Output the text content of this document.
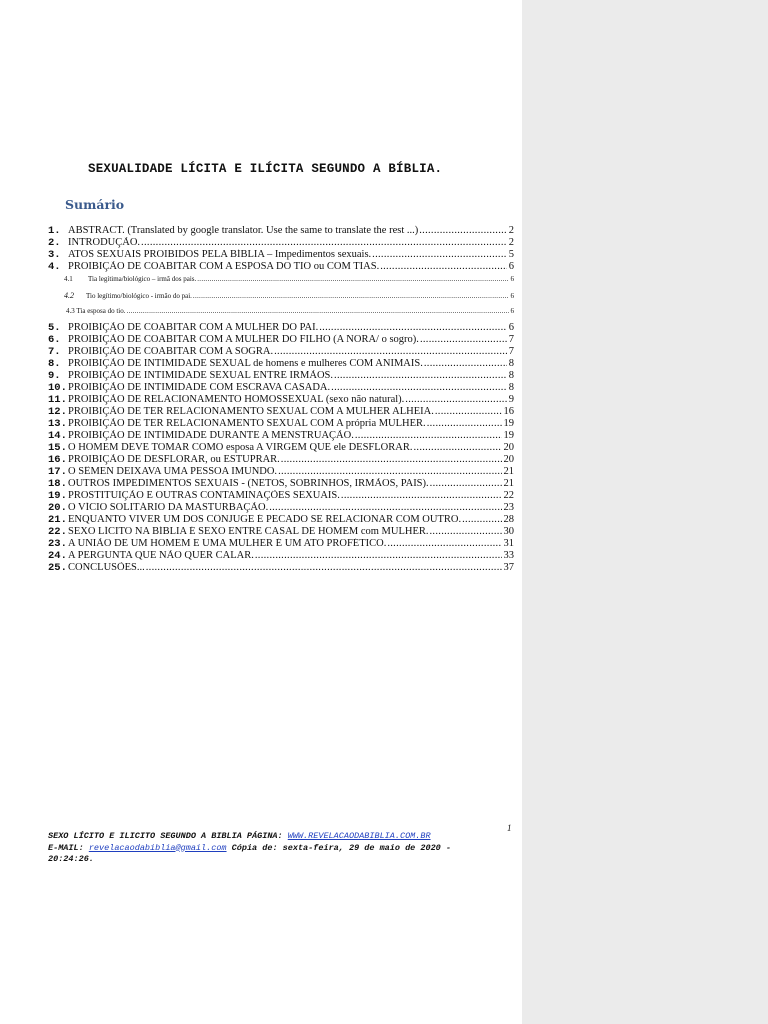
SEXUALIDADE LÍCITA E ILÍCITA SEGUNDO A BÍBLIA.
Sumário
1. ABSTRACT. (Translated by google translator. Use the same to translate the rest ...) .....	2
2. INTRODUÇÃO. .....	2
3. ATOS SEXUAIS PROIBIDOS PELA BÍBLIA – Impedimentos sexuais. .....	5
4. PROIBIÇÃO DE COABITAR COM A ESPOSA DO TIO ou COM TIAS. .....	6
4.1	Tia legítima/biológico – irmã dos pais. .....	6
4.2	Tio legítimo/biológico - irmão do pai. .....	6
4.3 Tia esposa do tio. .....	6
5. PROIBIÇÃO DE COABITAR COM A MULHER DO PAI. .....	6
6. PROIBIÇÃO DE COABITAR COM A MULHER DO FILHO (A NORA/ o sogro). .....	7
7. PROIBIÇÃO DE COABITAR COM A SOGRA. .....	7
8. PROIBIÇÃO DE INTIMIDADE SEXUAL de homens e mulheres COM ANIMAIS. .....	8
9. PROIBIÇÃO DE INTIMIDADE SEXUAL ENTRE IRMÃOS. .....	8
10. PROIBIÇÃO DE INTIMIDADE COM ESCRAVA CASADA. .....	8
11. PROIBIÇÃO DE RELACIONAMENTO HOMOSSEXUAL (sexo não natural). .....	9
12. PROIBIÇÃO DE TER RELACIONAMENTO SEXUAL COM A MULHER ALHEIA. .....	16
13. PROIBIÇÃO DE TER RELACIONAMENTO SEXUAL COM A própria MULHER. .....	19
14. PROIBIÇÃO DE INTIMIDADE DURANTE A MENSTRUAÇÃO. .....	19
15. O HOMEM DEVE TOMAR COMO esposa A VIRGEM QUE ele DESFLORAR. .....	20
16. PROIBIÇÃO DE DESFLORAR, ou ESTUPRAR. .....	20
17. O SÊMEN DEIXAVA UMA PESSOA IMUNDO. .....	21
18. OUTROS IMPEDIMENTOS SEXUAIS - (NETOS, SOBRINHOS, IRMÃOS, PAIS). .....	21
19. PROSTITUIÇÃO E OUTRAS CONTAMINAÇÕES SEXUAIS. .....	22
20. O VÍCIO SOLITÁRIO DA MASTURBAÇÃO. .....	23
21. ENQUANTO VIVER UM DOS CÔNJUGE É PECADO SE RELACIONAR COM OUTRO. .....	28
22. SEXO LÍCITO NA BÍBLIA É SEXO ENTRE CASAL DE HOMEM com MULHER. .....	30
23. A UNIÃO DE UM HOMEM E UMA MULHER É UM ATO PROFÉTICO. .....	31
24. A PERGUNTA QUE NÃO QUER CALAR. .....	33
25. CONCLUSÕES... .....	37
1
SEXO LÍCITO E ILICITO SEGUNDO A BIBLIA PÁGINA: WWW.REVELACAODABIBLIA.COM.BR
E-MAIL: revelacaodabiblia@gmail.com Cópia de: sexta-feira, 29 de maio de 2020 - 20:24:26.
